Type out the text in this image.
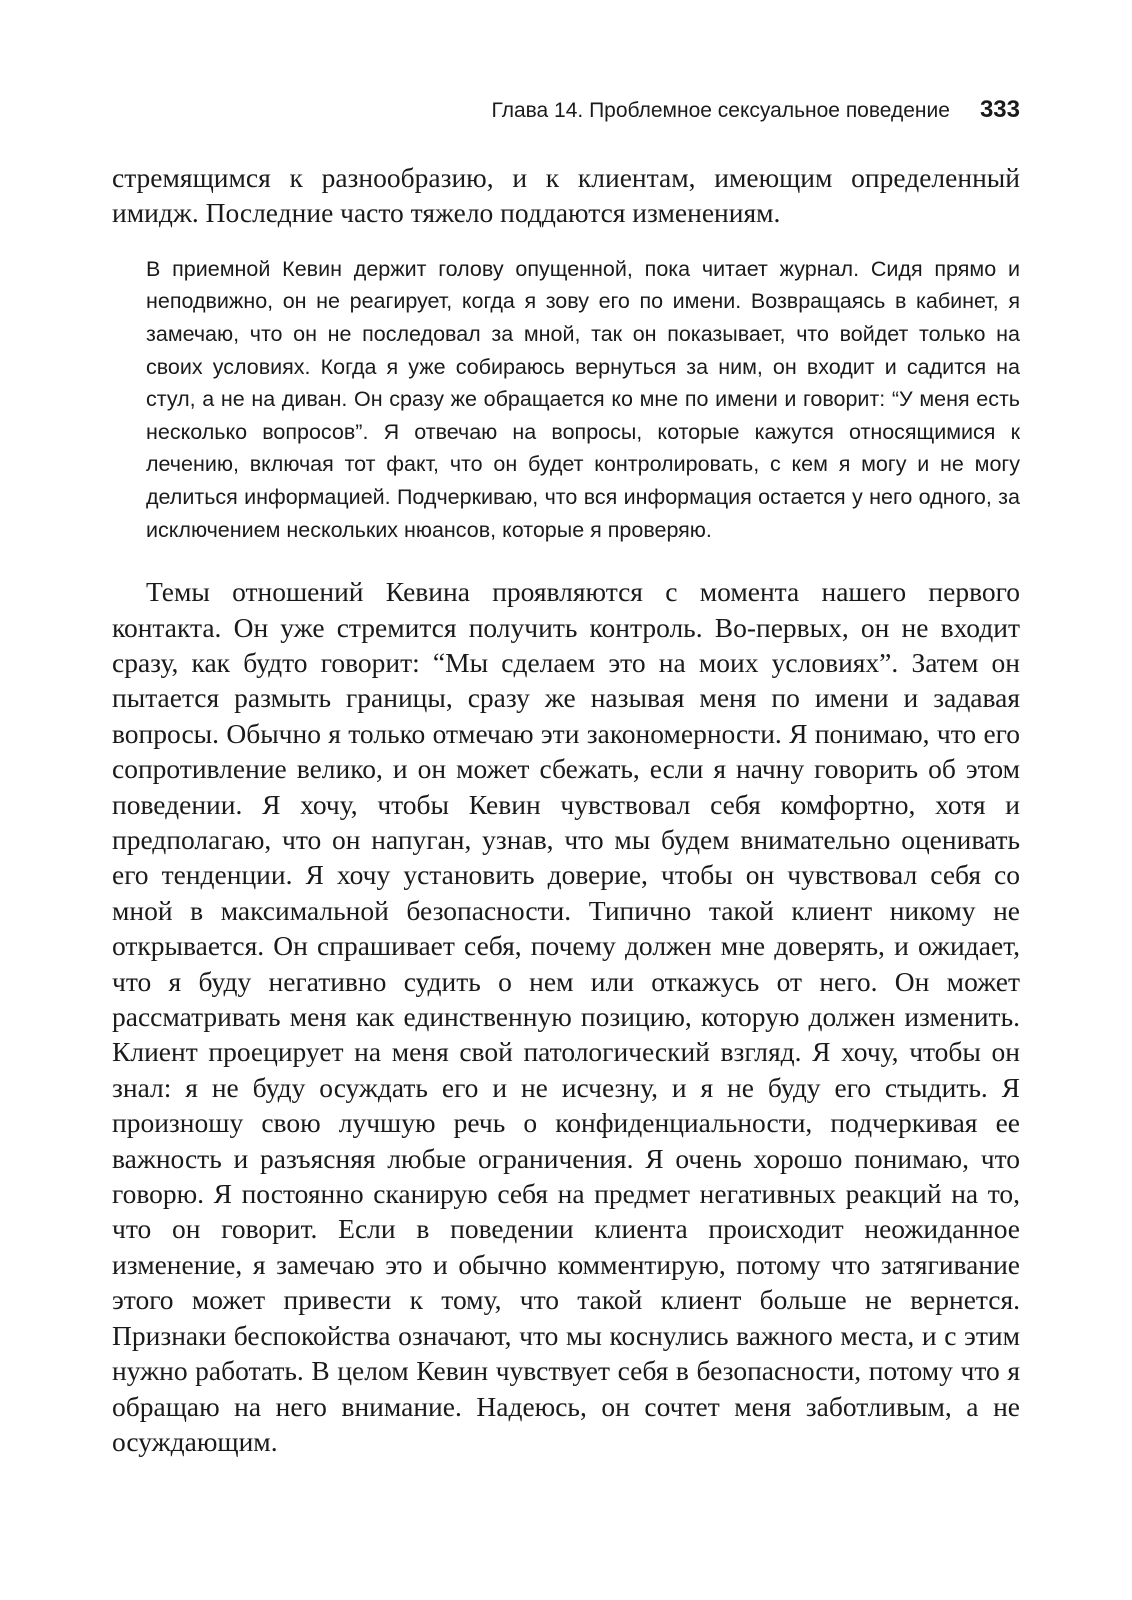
Глава 14. Проблемное сексуальное поведение 333

стремящимся к разнообразию, и к клиентам, имеющим определенный имидж. Последние часто тяжело поддаются изменениям.

В приемной Кевин держит голову опущенной, пока читает журнал. Сидя прямо и неподвижно, он не реагирует, когда я зову его по имени. Возвращаясь в кабинет, я замечаю, что он не последовал за мной, так он показывает, что войдет только на своих условиях. Когда я уже собираюсь вернуться за ним, он входит и садится на стул, а не на диван. Он сразу же обращается ко мне по имени и говорит: “У меня есть несколько вопросов”. Я отвечаю на вопросы, которые кажутся относящимися к лечению, включая тот факт, что он будет контролировать, с кем я могу и не могу делиться информацией. Подчеркиваю, что вся информация остается у него одного, за исключением нескольких нюансов, которые я проверяю.

Темы отношений Кевина проявляются с момента нашего первого контакта. Он уже стремится получить контроль. Во-первых, он не входит сразу, как будто говорит: “Мы сделаем это на моих условиях”. Затем он пытается размыть границы, сразу же называя меня по имени и задавая вопросы. Обычно я только отмечаю эти закономерности. Я понимаю, что его сопротивление велико, и он может сбежать, если я начну говорить об этом поведении. Я хочу, чтобы Кевин чувствовал себя комфортно, хотя и предполагаю, что он напуган, узнав, что мы будем внимательно оценивать его тенденции. Я хочу установить доверие, чтобы он чувствовал себя со мной в максимальной безопасности. Типично такой клиент никому не открывается. Он спрашивает себя, почему должен мне доверять, и ожидает, что я буду негативно судить о нем или откажусь от него. Он может рассматривать меня как единственную позицию, которую должен изменить. Клиент проецирует на меня свой патологический взгляд. Я хочу, чтобы он знал: я не буду осуждать его и не исчезну, и я не буду его стыдить. Я произношу свою лучшую речь о конфиденциальности, подчеркивая ее важность и разъясняя любые ограничения. Я очень хорошо понимаю, что говорю. Я постоянно сканирую себя на предмет негативных реакций на то, что он говорит. Если в поведении клиента происходит неожиданное изменение, я замечаю это и обычно комментирую, потому что затягивание этого может привести к тому, что такой клиент больше не вернется. Признаки беспокойства означают, что мы коснулись важного места, и с этим нужно работать. В целом Кевин чувствует себя в безопасности, потому что я обращаю на него внимание. Надеюсь, он сочтет меня заботливым, а не осуждающим.
